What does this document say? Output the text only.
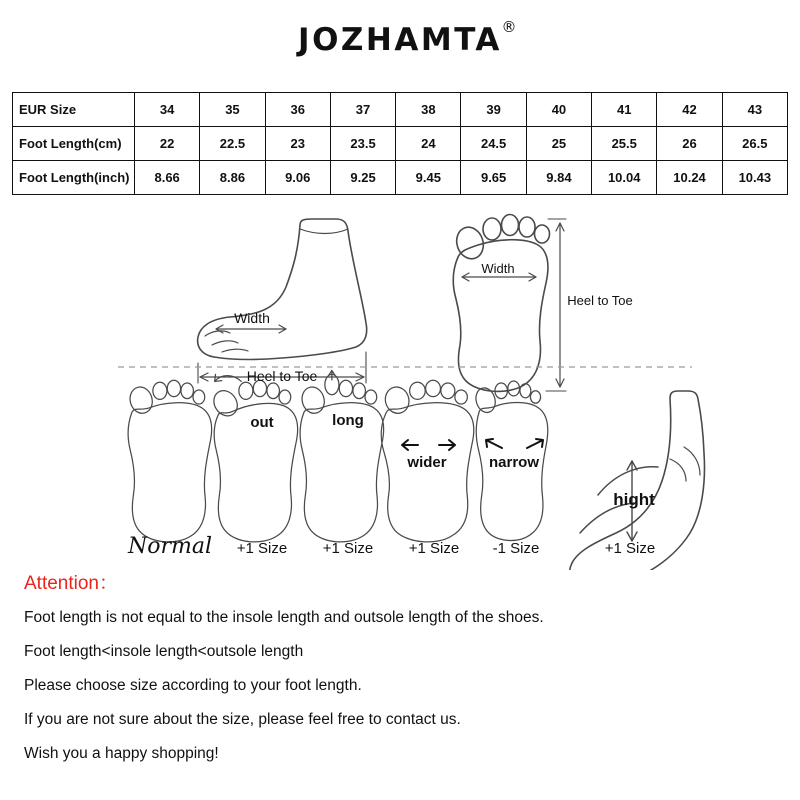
JOZHAMTA ®
EUR Size	34	35	36	37	38	39	40	41	42	43
Foot Length(cm)	22	22.5	23	23.5	24	24.5	25	25.5	26	26.5
Foot Length(inch)	8.66	8.86	9.06	9.25	9.45	9.65	9.84	10.04	10.24	10.43
Width
Heel to Toe
Width
Heel to Toe
out	long
wider	narrow
hight
Normal +1 Size +1 Size +1 Size -1 Size	+1 Size
Attention：

Foot length is not equal to the insole length and outsole length of the shoes.

Foot length<insole length<outsole length

Please choose size according to your foot length.

If you are not sure about the size, please feel free to contact us.

Wish you a happy shopping!
